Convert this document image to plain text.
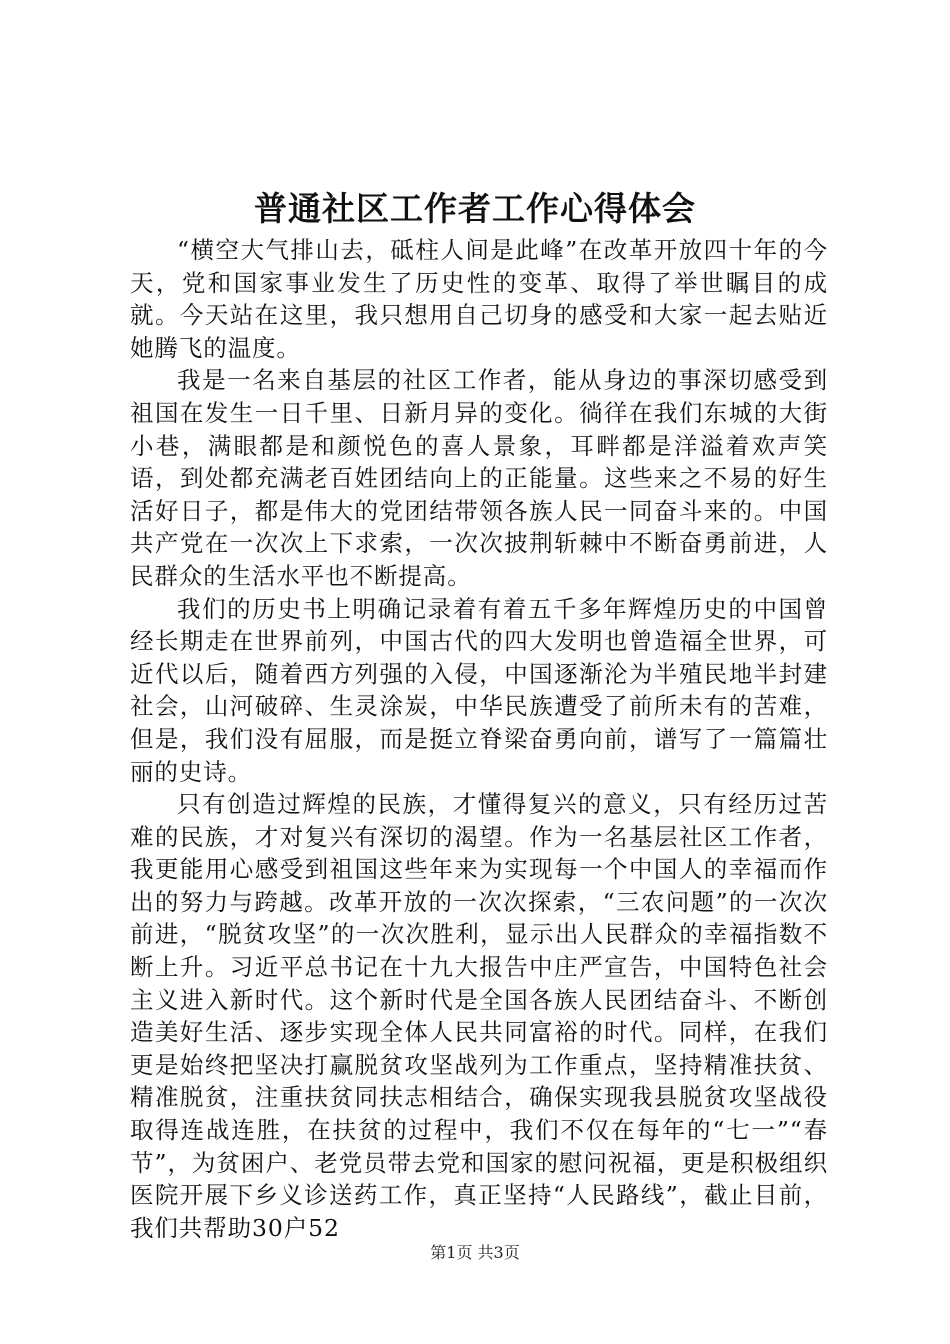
普通社区工作者工作心得体会

“横空大气排山去，砥柱人间是此峰”在改革开放四十年的今天，党和国家事业发生了历史性的变革、取得了举世瞩目的成就。今天站在这里，我只想用自己切身的感受和大家一起去贴近她腾飞的温度。

我是一名来自基层的社区工作者，能从身边的事深切感受到祖国在发生一日千里、日新月异的变化。徜徉在我们东城的大街小巷，满眼都是和颜悦色的喜人景象，耳畔都是洋溢着欢声笑语，到处都充满老百姓团结向上的正能量。这些来之不易的好生活好日子，都是伟大的党团结带领各族人民一同奋斗来的。中国共产党在一次次上下求索，一次次披荆斩棘中不断奋勇前进，人民群众的生活水平也不断提高。

我们的历史书上明确记录着有着五千多年辉煌历史的中国曾经长期走在世界前列，中国古代的四大发明也曾造福全世界，可近代以后，随着西方列强的入侵，中国逐渐沦为半殖民地半封建社会，山河破碎、生灵涂炭，中华民族遭受了前所未有的苦难，但是，我们没有屈服，而是挺立脊梁奋勇向前，谱写了一篇篇壮丽的史诗。

只有创造过辉煌的民族，才懂得复兴的意义，只有经历过苦难的民族，才对复兴有深切的渴望。作为一名基层社区工作者，我更能用心感受到祖国这些年来为实现每一个中国人的幸福而作出的努力与跨越。改革开放的一次次探索，“三农问题”的一次次前进，“脱贫攻坚”的一次次胜利，显示出人民群众的幸福指数不断上升。习近平总书记在十九大报告中庄严宣告，中国特色社会主义进入新时代。这个新时代是全国各族人民团结奋斗、不断创造美好生活、逐步实现全体人民共同富裕的时代。同样，在我们更是始终把坚决打赢脱贫攻坚战列为工作重点，坚持精准扶贫、精准脱贫，注重扶贫同扶志相结合，确保实现我县脱贫攻坚战役取得连战连胜，在扶贫的过程中，我们不仅在每年的“七一”“春节”，为贫困户、老党员带去党和国家的慰问祝福，更是积极组织医院开展下乡义诊送药工作，真正坚持“人民路线”，截止目前，我们共帮助30户52

第1页 共3页
